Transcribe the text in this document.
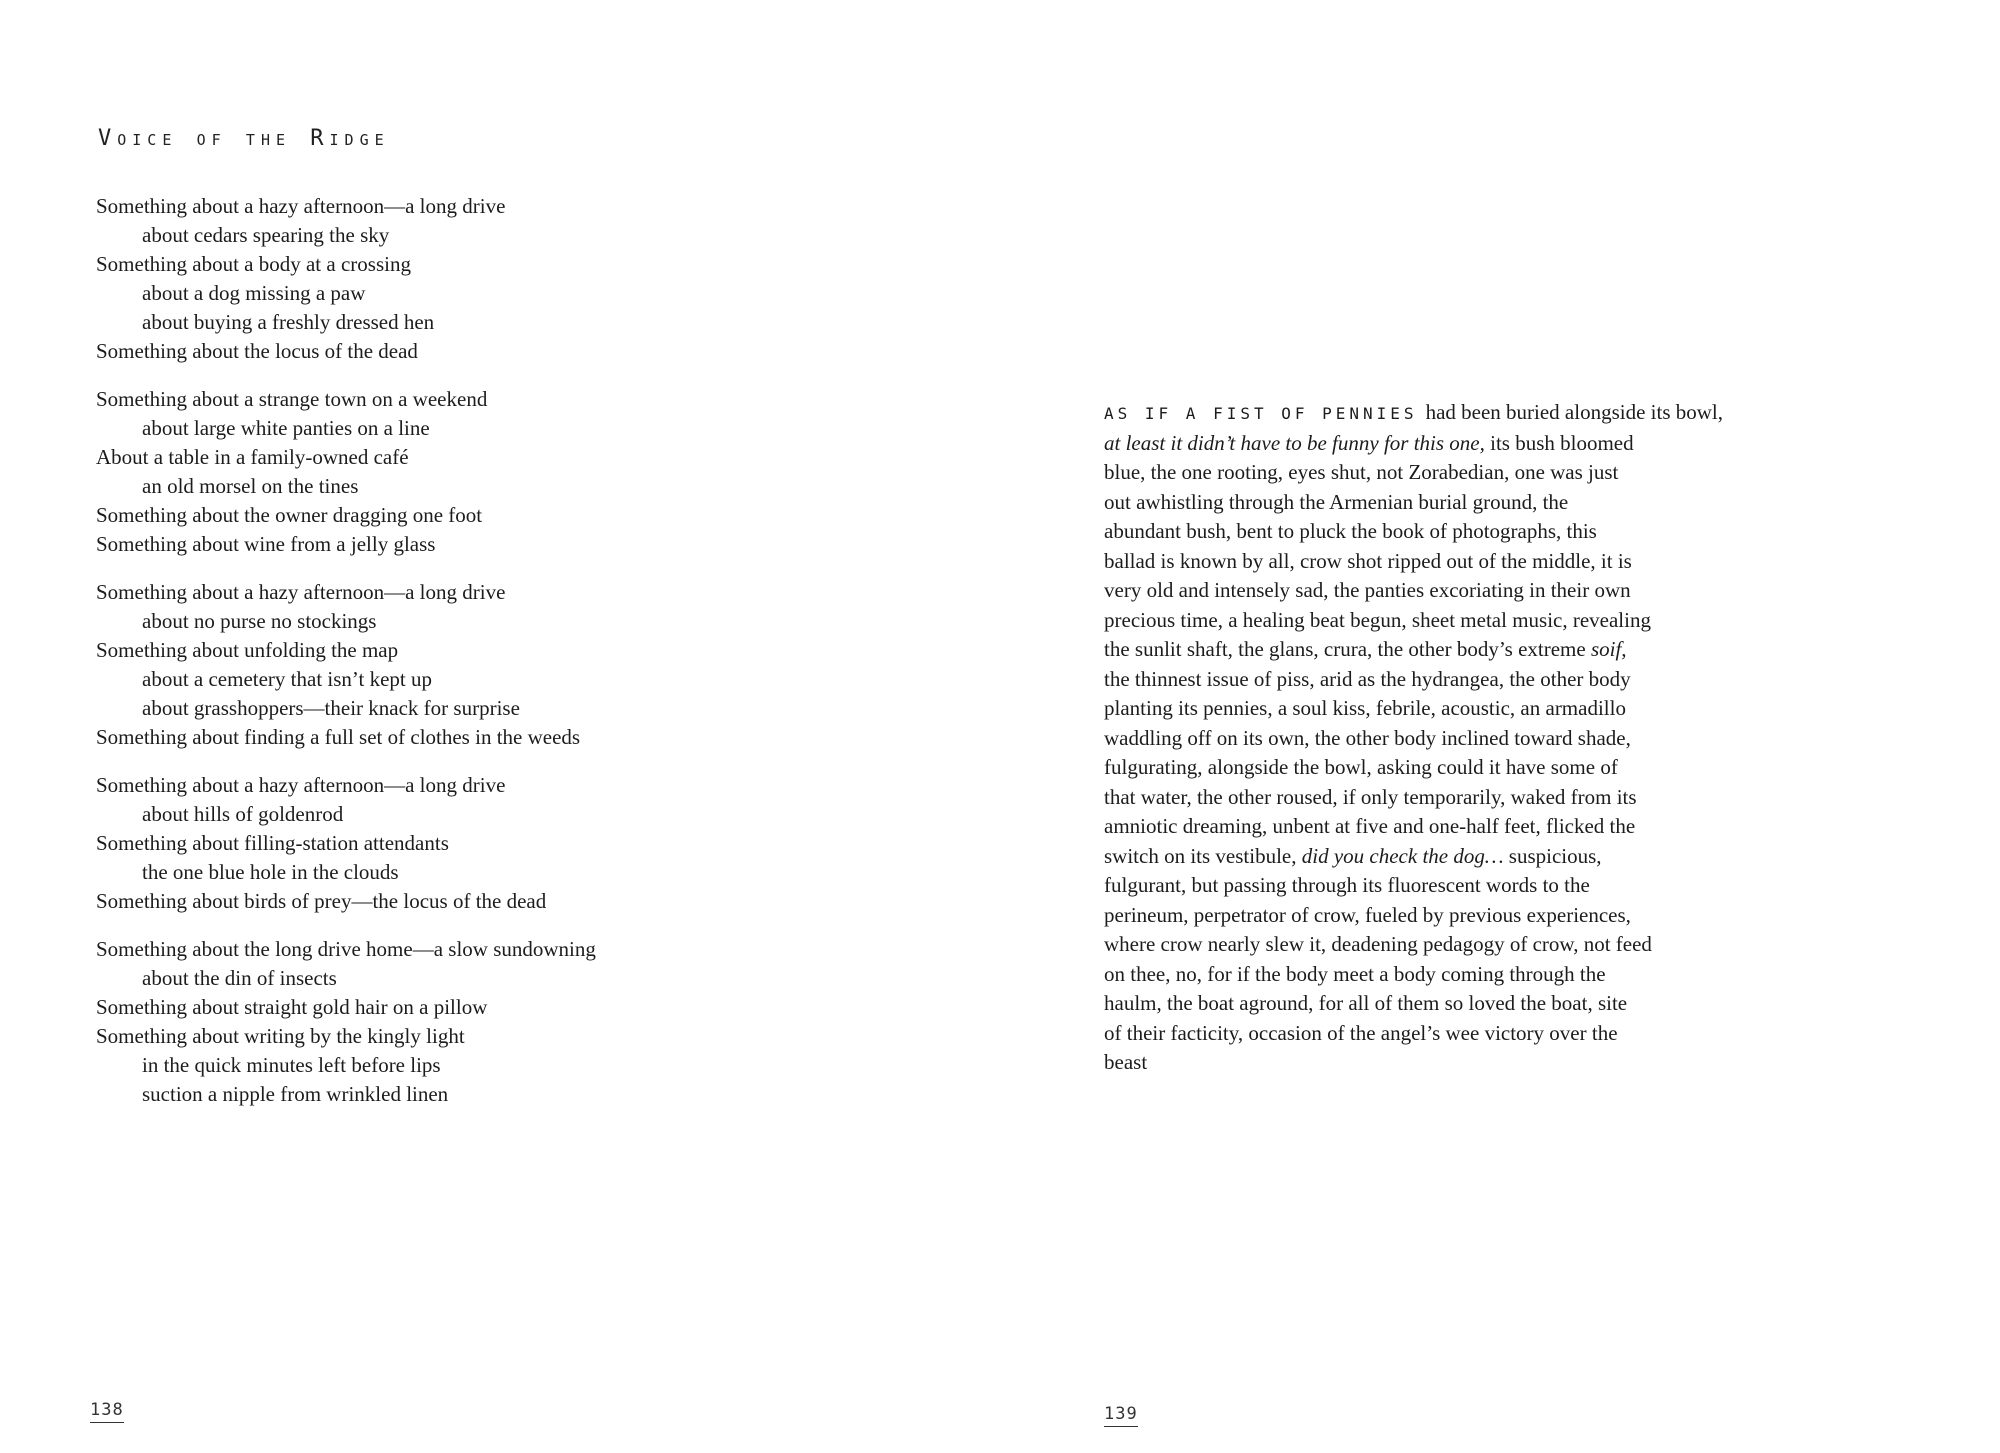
Voice of the Ridge
Something about a hazy afternoon—a long drive
about cedars spearing the sky
Something about a body at a crossing
about a dog missing a paw
about buying a freshly dressed hen
Something about the locus of the dead
Something about a strange town on a weekend
about large white panties on a line
About a table in a family-owned café
an old morsel on the tines
Something about the owner dragging one foot
Something about wine from a jelly glass
Something about a hazy afternoon—a long drive
about no purse no stockings
Something about unfolding the map
about a cemetery that isn’t kept up
about grasshoppers—their knack for surprise
Something about finding a full set of clothes in the weeds
Something about a hazy afternoon—a long drive
about hills of goldenrod
Something about filling-station attendants
the one blue hole in the clouds
Something about birds of prey—the locus of the dead
Something about the long drive home—a slow sundowning
about the din of insects
Something about straight gold hair on a pillow
Something about writing by the kingly light
in the quick minutes left before lips
suction a nipple from wrinkled linen
138
AS IF A FIST OF PENNIES had been buried alongside its bowl,
at least it didn’t have to be funny for this one, its bush bloomed
blue, the one rooting, eyes shut, not Zorabedian, one was just
out awhistling through the Armenian burial ground, the
abundant bush, bent to pluck the book of photographs, this
ballad is known by all, crow shot ripped out of the middle, it is
very old and intensely sad, the panties excoriating in their own
precious time, a healing beat begun, sheet metal music, revealing
the sunlit shaft, the glans, crura, the other body’s extreme soif,
the thinnest issue of piss, arid as the hydrangea, the other body
planting its pennies, a soul kiss, febrile, acoustic, an armadillo
waddling off on its own, the other body inclined toward shade,
fulgurating, alongside the bowl, asking could it have some of
that water, the other roused, if only temporarily, waked from its
amniotic dreaming, unbent at five and one-half feet, flicked the
switch on its vestibule, did you check the dog… suspicious,
fulgurant, but passing through its fluorescent words to the
perineum, perpetrator of crow, fueled by previous experiences,
where crow nearly slew it, deadening pedagogy of crow, not feed
on thee, no, for if the body meet a body coming through the
haulm, the boat aground, for all of them so loved the boat, site
of their facticity, occasion of the angel’s wee victory over the
beast
139
